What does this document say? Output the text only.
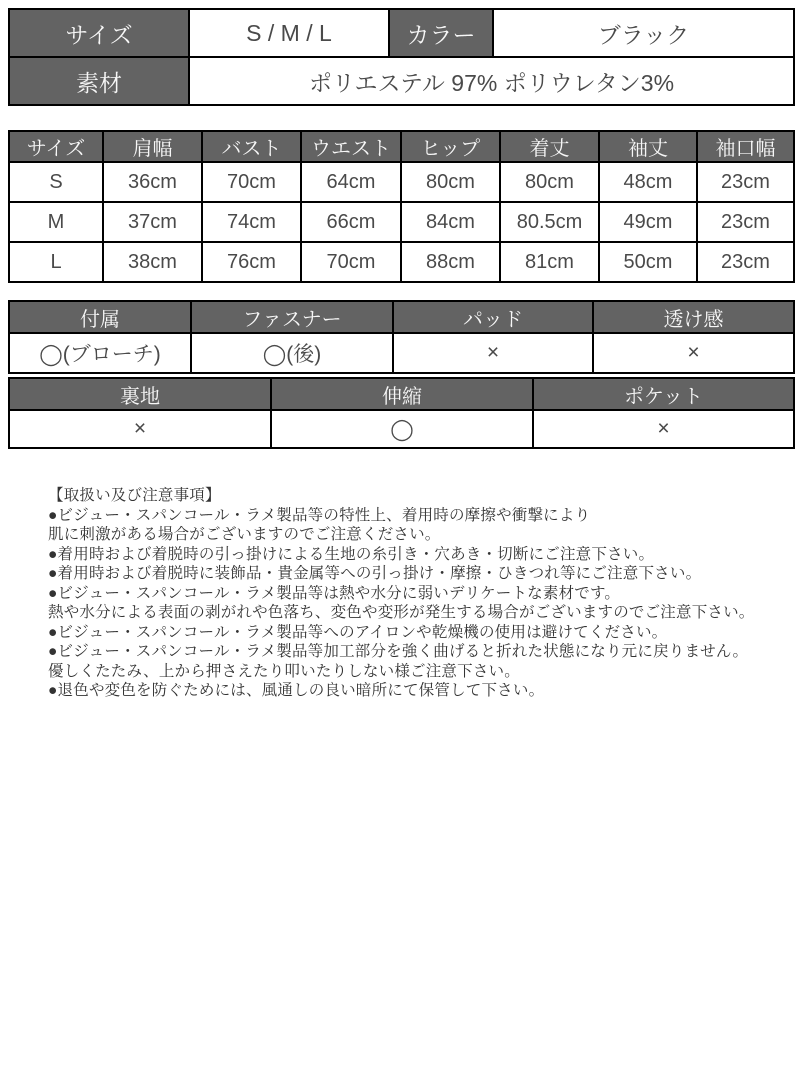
サイズ	S / M / L	カラー	ブラック
素材	ポリエステル 97% ポリウレタン3%		
サイズ	肩幅	バスト	ウエスト	ヒップ	着丈	袖丈	袖口幅
S	36cm	70cm	64cm	80cm	80cm	48cm	23cm
M	37cm	74cm	66cm	84cm	80.5cm	49cm	23cm
L	38cm	76cm	70cm	88cm	81cm	50cm	23cm
付属	ファスナー	パッド	透け感
◯(ブローチ)	◯(後)	×	×
裏地	伸縮	ポケット
×	◯	×
【取扱い及び注意事項】
●ビジュー・スパンコール・ラメ製品等の特性上、着用時の摩擦や衝撃により
肌に刺激がある場合がございますのでご注意ください。
●着用時および着脱時の引っ掛けによる生地の糸引き・穴あき・切断にご注意下さい。
●着用時および着脱時に装飾品・貴金属等への引っ掛け・摩擦・ひきつれ等にご注意下さい。
●ビジュー・スパンコール・ラメ製品等は熱や水分に弱いデリケートな素材です。
熱や水分による表面の剥がれや色落ち、変色や変形が発生する場合がございますのでご注意下さい。
●ビジュー・スパンコール・ラメ製品等へのアイロンや乾燥機の使用は避けてください。
●ビジュー・スパンコール・ラメ製品等加工部分を強く曲げると折れた状態になり元に戻りません。
優しくたたみ、上から押さえたり叩いたりしない様ご注意下さい。
●退色や変色を防ぐためには、風通しの良い暗所にて保管して下さい。
